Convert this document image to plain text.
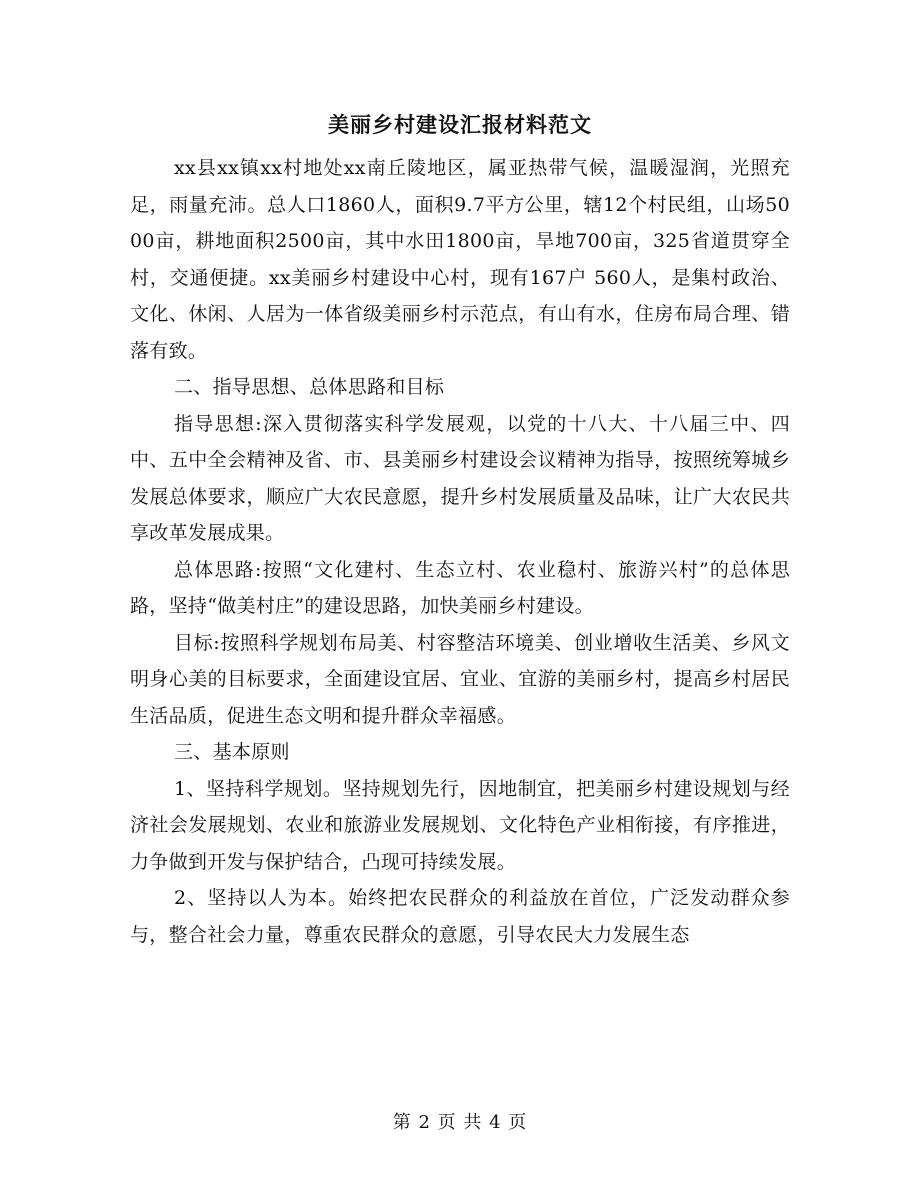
美丽乡村建设汇报材料范文

xx县xx镇xx村地处xx南丘陵地区，属亚热带气候，温暖湿润，光照充足，雨量充沛。总人口1860人，面积9.7平方公里，辖12个村民组，山场5000亩，耕地面积2500亩，其中水田1800亩，旱地700亩，325省道贯穿全村，交通便捷。xx美丽乡村建设中心村，现有167户 560人，是集村政治、文化、休闲、人居为一体省级美丽乡村示范点，有山有水，住房布局合理、错落有致。

二、指导思想、总体思路和目标

指导思想:深入贯彻落实科学发展观，以党的十八大、十八届三中、四中、五中全会精神及省、市、县美丽乡村建设会议精神为指导，按照统筹城乡发展总体要求，顺应广大农民意愿，提升乡村发展质量及品味，让广大农民共享改革发展成果。

总体思路:按照“文化建村、生态立村、农业稳村、旅游兴村”的总体思路，坚持“做美村庄”的建设思路，加快美丽乡村建设。

目标:按照科学规划布局美、村容整洁环境美、创业增收生活美、乡风文明身心美的目标要求，全面建设宜居、宜业、宜游的美丽乡村，提高乡村居民生活品质，促进生态文明和提升群众幸福感。

三、基本原则

1、坚持科学规划。坚持规划先行，因地制宜，把美丽乡村建设规划与经济社会发展规划、农业和旅游业发展规划、文化特色产业相衔接，有序推进，力争做到开发与保护结合，凸现可持续发展。

2、坚持以人为本。始终把农民群众的利益放在首位，广泛发动群众参与，整合社会力量，尊重农民群众的意愿，引导农民大力发展生态

第 2 页 共 4 页
